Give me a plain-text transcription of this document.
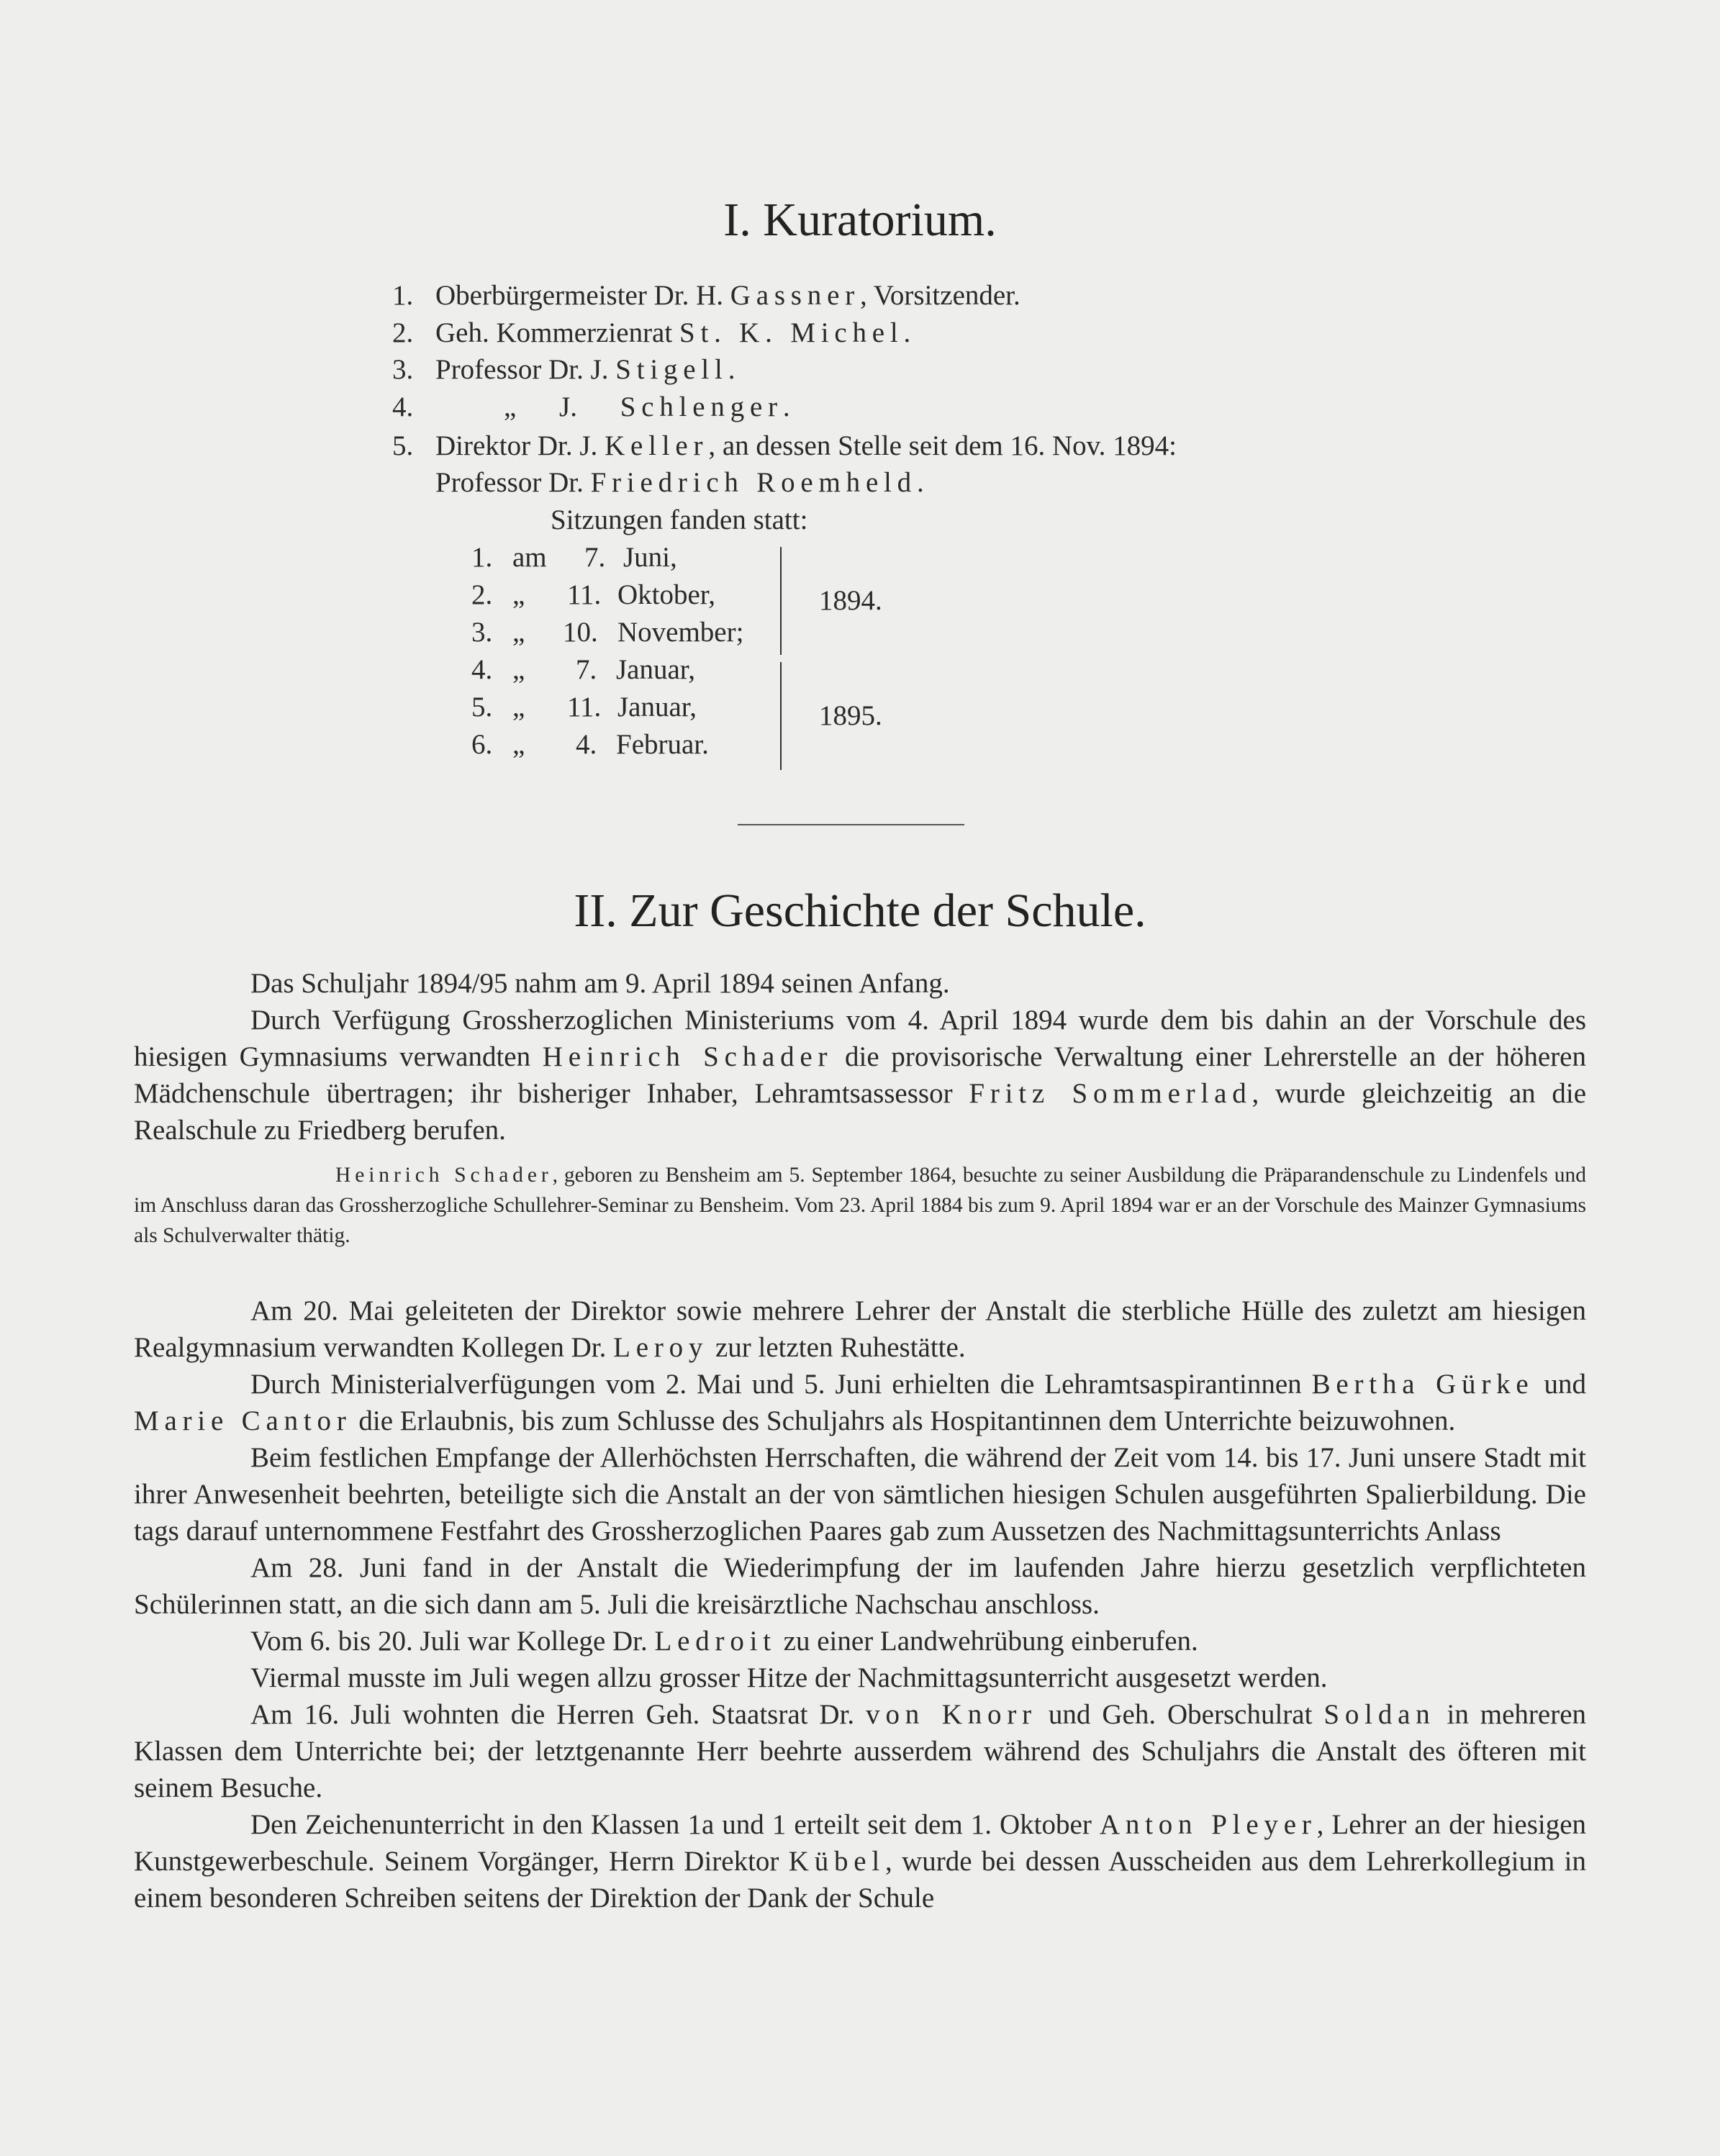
I. Kuratorium.
1. Oberbürgermeister Dr. H. Gassner, Vorsitzender.
2. Geh. Kommerzienrat St. K. Michel.
3. Professor Dr. J. Stigell.
4.	„ J. Schlenger.
5. Direktor Dr. J. Keller, an dessen Stelle seit dem 16. Nov. 1894:
Professor Dr. Friedrich Roemheld.
Sitzungen fanden statt:
1. am 7. Juni,
2. „ 11. Oktober,
3. „ 10. November;
4. „ 7. Januar,
5. „ 11. Januar,
6. „ 4. Februar.
1894.
1895.
II. Zur Geschichte der Schule.

Das Schuljahr 1894/95 nahm am 9. April 1894 seinen Anfang.

Durch Verfügung Grossherzoglichen Ministeriums vom 4. April 1894 wurde dem bis dahin an der Vorschule des hiesigen Gymnasiums verwandten Heinrich Schader die provisorische Verwaltung einer Lehrerstelle an der höheren Mädchenschule übertragen; ihr bisheriger Inhaber, Lehramtsassessor Fritz Sommerlad, wurde gleichzeitig an die Realschule zu Friedberg berufen.

Heinrich Schader, geboren zu Bensheim am 5. September 1864, besuchte zu seiner Ausbildung die Präparandenschule zu Lindenfels und im Anschluss daran das Grossherzogliche Schullehrer-Seminar zu Bensheim. Vom 23. April 1884 bis zum 9. April 1894 war er an der Vorschule des Mainzer Gymnasiums als Schulverwalter thätig.

Am 20. Mai geleiteten der Direktor sowie mehrere Lehrer der Anstalt die sterbliche Hülle des zuletzt am hiesigen Realgymnasium verwandten Kollegen Dr. Leroy zur letzten Ruhestätte.

Durch Ministerialverfügungen vom 2. Mai und 5. Juni erhielten die Lehramtsaspirantinnen Bertha Gürke und Marie Cantor die Erlaubnis, bis zum Schlusse des Schuljahrs als Hospitantinnen dem Unterrichte beizuwohnen.

Beim festlichen Empfange der Allerhöchsten Herrschaften, die während der Zeit vom 14. bis 17. Juni unsere Stadt mit ihrer Anwesenheit beehrten, beteiligte sich die Anstalt an der von sämtlichen hiesigen Schulen ausgeführten Spalierbildung. Die tags darauf unternommene Festfahrt des Grossherzoglichen Paares gab zum Aussetzen des Nachmittagsunterrichts Anlass

Am 28. Juni fand in der Anstalt die Wiederimpfung der im laufenden Jahre hierzu gesetzlich verpflichteten Schülerinnen statt, an die sich dann am 5. Juli die kreisärztliche Nachschau anschloss.

Vom 6. bis 20. Juli war Kollege Dr. Ledroit zu einer Landwehrübung einberufen.

Viermal musste im Juli wegen allzu grosser Hitze der Nachmittagsunterricht ausgesetzt werden.

Am 16. Juli wohnten die Herren Geh. Staatsrat Dr. von Knorr und Geh. Oberschulrat Soldan in mehreren Klassen dem Unterrichte bei; der letztgenannte Herr beehrte ausserdem während des Schuljahrs die Anstalt des öfteren mit seinem Besuche.

Den Zeichenunterricht in den Klassen 1a und 1 erteilt seit dem 1. Oktober Anton Pleyer, Lehrer an der hiesigen Kunstgewerbeschule. Seinem Vorgänger, Herrn Direktor Kübel, wurde bei dessen Ausscheiden aus dem Lehrerkollegium in einem besonderen Schreiben seitens der Direktion der Dank der Schule
